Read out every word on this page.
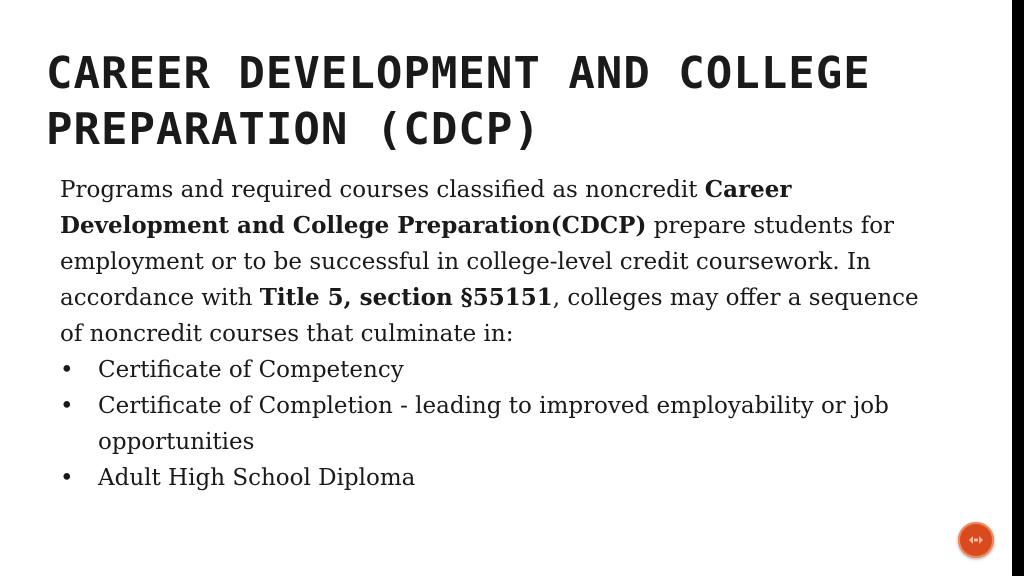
CAREER DEVELOPMENT AND COLLEGE
PREPARATION (CDCP)

Programs and required courses classified as noncredit Career Development and College Preparation(CDCP) prepare students for employment or to be successful in college-level credit coursework. In accordance with Title 5, section §55151, colleges may offer a sequence of noncredit courses that culminate in:

• Certificate of Competency
• Certificate of Completion - leading to improved employability or job opportunities
• Adult High School Diploma
